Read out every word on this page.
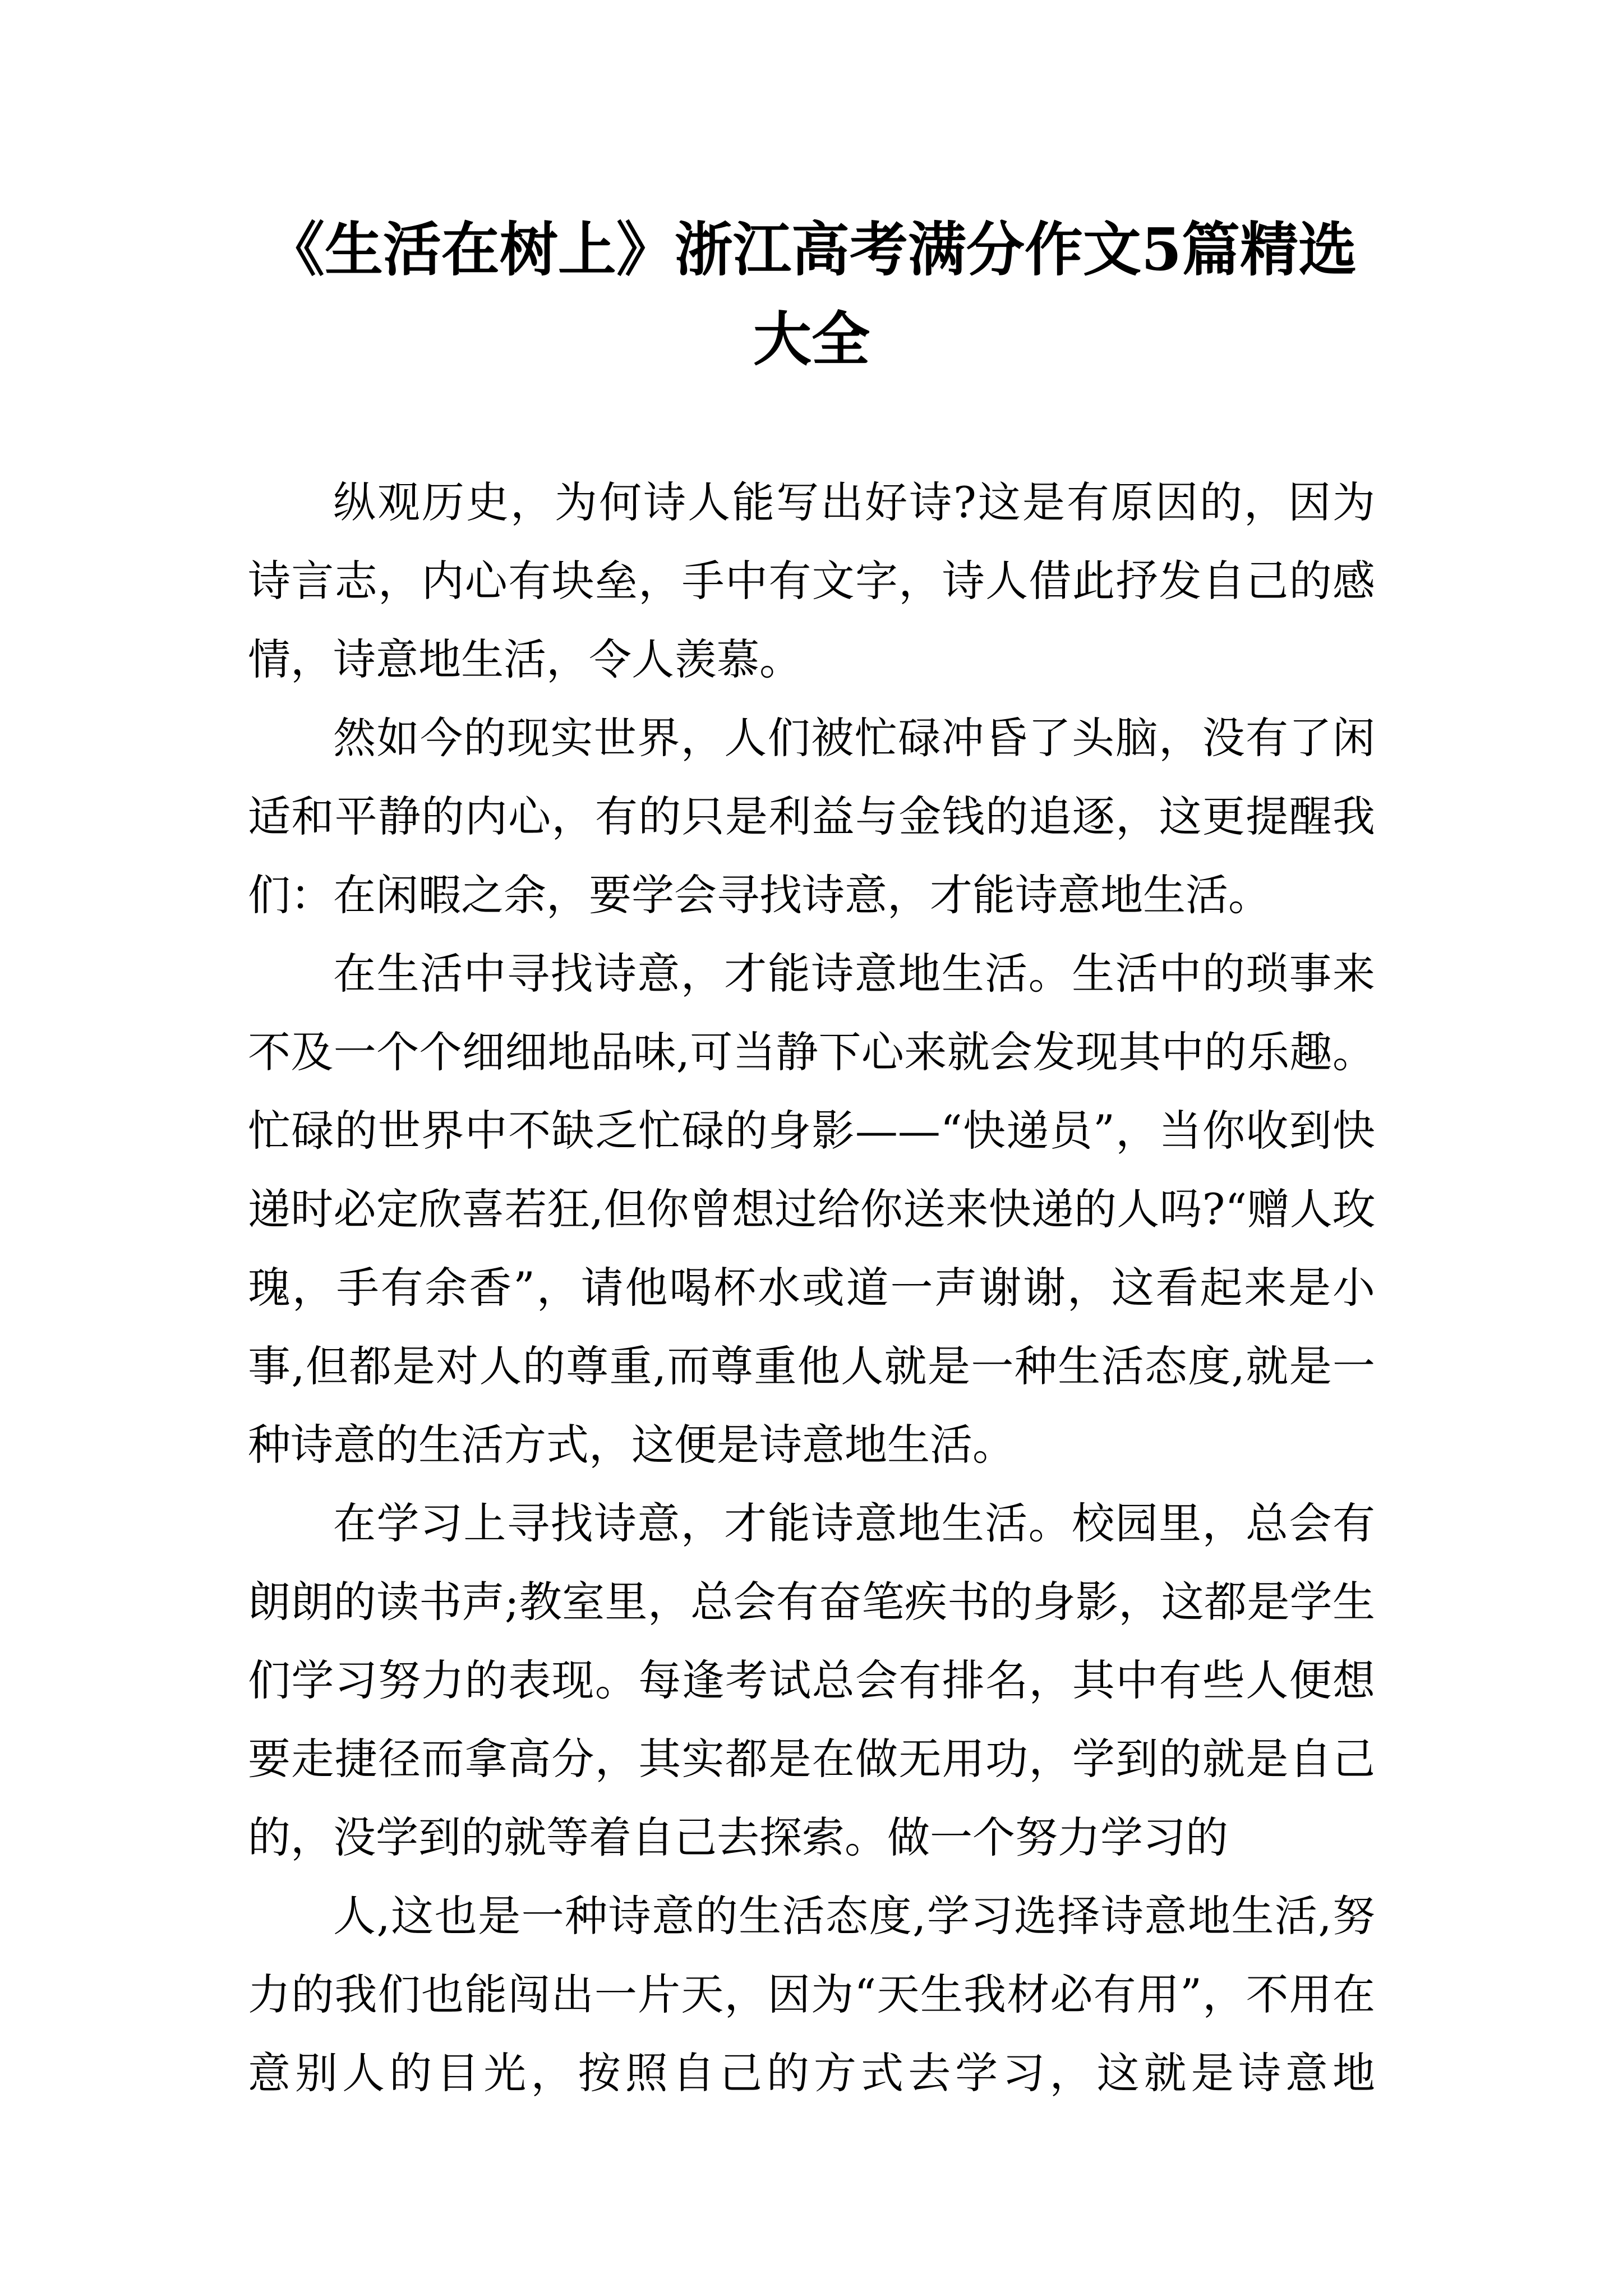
《生活在树上》浙江高考满分作文5篇精选大全

纵观历史，为何诗人能写出好诗?这是有原因的，因为诗言志，内心有块垒，手中有文字，诗人借此抒发自己的感情，诗意地生活，令人羡慕。

然如今的现实世界，人们被忙碌冲昏了头脑，没有了闲适和平静的内心，有的只是利益与金钱的追逐，这更提醒我们：在闲暇之余，要学会寻找诗意，才能诗意地生活。

在生活中寻找诗意，才能诗意地生活。生活中的琐事来不及一个个细细地品味,可当静下心来就会发现其中的乐趣。忙碌的世界中不缺乏忙碌的身影——“快递员”，当你收到快递时必定欣喜若狂,但你曾想过给你送来快递的人吗?“赠人玫瑰，手有余香”，请他喝杯水或道一声谢谢，这看起来是小事,但都是对人的尊重,而尊重他人就是一种生活态度,就是一种诗意的生活方式，这便是诗意地生活。

在学习上寻找诗意，才能诗意地生活。校园里，总会有朗朗的读书声;教室里，总会有奋笔疾书的身影，这都是学生们学习努力的表现。每逢考试总会有排名，其中有些人便想要走捷径而拿高分，其实都是在做无用功，学到的就是自己的，没学到的就等着自己去探索。做一个努力学习的

人,这也是一种诗意的生活态度,学习选择诗意地生活,努力的我们也能闯出一片天，因为“天生我材必有用”，不用在意别人的目光，按照自己的方式去学习，这就是诗意地
